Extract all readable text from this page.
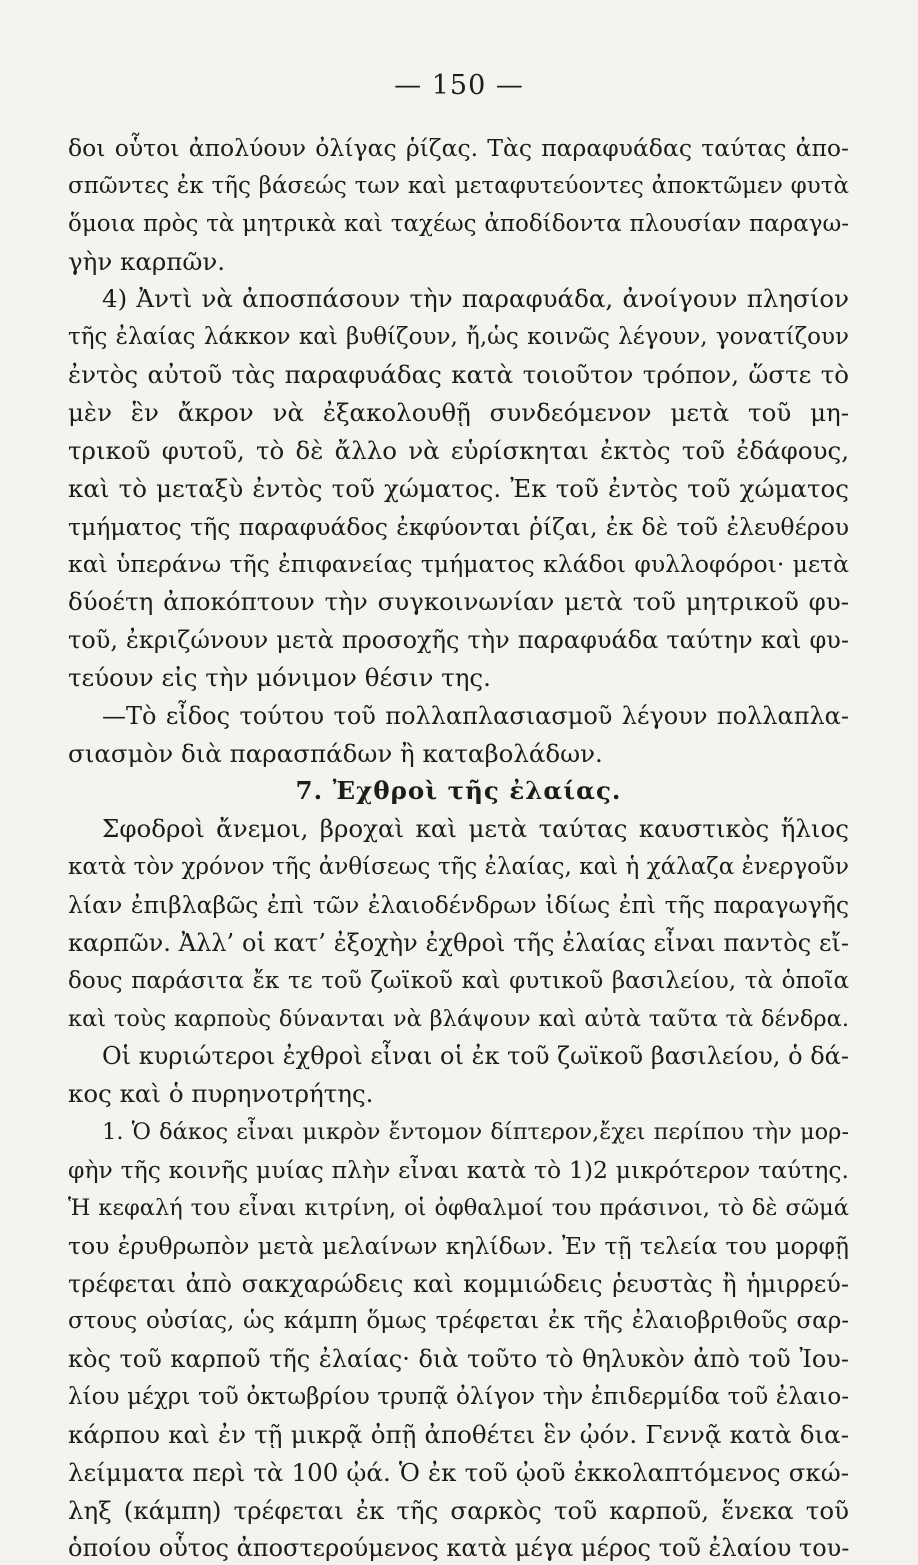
— 150 —
δοι οὗτοι ἀπολύουν ὀλίγας ῥίζας. Τὰς παραφυάδας ταύτας ἀπο-
σπῶντες ἐκ τῆς βάσεώς των καὶ μεταφυτεύοντες ἀποκτῶμεν φυτὰ
ὅμοια πρὸς τὰ μητρικὰ καὶ ταχέως ἀποδίδοντα πλουσίαν παραγω-
γὴν καρπῶν.
4) Ἀντὶ νὰ ἀποσπάσουν τὴν παραφυάδα, ἀνοίγουν πλησίον
τῆς ἐλαίας λάκκον καὶ βυθίζουν, ἤ,ὡς κοινῶς λέγουν, γονατίζουν
ἐντὸς αὐτοῦ τὰς παραφυάδας κατὰ τοιοῦτον τρόπον, ὥστε τὸ
μὲν ἓν ἄκρον νὰ ἐξακολουθῇ συνδεόμενον μετὰ τοῦ μη-
τρικοῦ φυτοῦ, τὸ δὲ ἄλλο νὰ εὑρίσκηται ἐκτὸς τοῦ ἐδάφους,
καὶ τὸ μεταξὺ ἐντὸς τοῦ χώματος. Ἐκ τοῦ ἐντὸς τοῦ χώματος
τμήματος τῆς παραφυάδος ἐκφύονται ῥίζαι, ἐκ δὲ τοῦ ἐλευθέρου
καὶ ὑπεράνω τῆς ἐπιφανείας τμήματος κλάδοι φυλλοφόροι· μετὰ
δύοέτη ἀποκόπτουν τὴν συγκοινωνίαν μετὰ τοῦ μητρικοῦ φυ-
τοῦ, ἐκριζώνουν μετὰ προσοχῆς τὴν παραφυάδα ταύτην καὶ φυ-
τεύουν εἰς τὴν μόνιμον θέσιν της.
—Τὸ εἶδος τούτου τοῦ πολλαπλασιασμοῦ λέγουν πολλαπλα-
σιασμὸν διὰ παρασπάδων ἢ καταβολάδων.
7. Ἐχθροὶ τῆς ἐλαίας.
Σφοδροὶ ἄνεμοι, βροχαὶ καὶ μετὰ ταύτας καυστικὸς ἥλιος
κατὰ τὸν χρόνον τῆς ἀνθίσεως τῆς ἐλαίας, καὶ ἡ χάλαζα ἐνεργοῦν
λίαν ἐπιβλαβῶς ἐπὶ τῶν ἐλαιοδένδρων ἰδίως ἐπὶ τῆς παραγωγῆς
καρπῶν. Ἀλλ’ οἱ κατ’ ἐξοχὴν ἐχθροὶ τῆς ἐλαίας εἶναι παντὸς εἴ-
δους παράσιτα ἔκ τε τοῦ ζωϊκοῦ καὶ φυτικοῦ βασιλείου, τὰ ὁποῖα
καὶ τοὺς καρποὺς δύνανται νὰ βλάψουν καὶ αὐτὰ ταῦτα τὰ δένδρα.
Οἱ κυριώτεροι ἐχθροὶ εἶναι οἱ ἐκ τοῦ ζωϊκοῦ βασιλείου, ὁ δά-
κος καὶ ὁ πυρηνοτρήτης.
1. Ὁ δάκος εἶναι μικρὸν ἔντομον δίπτερον,ἔχει περίπου τὴν μορ-
φὴν τῆς κοινῆς μυίας πλὴν εἶναι κατὰ τὸ 1)2 μικρότερον ταύτης.
Ἡ κεφαλή του εἶναι κιτρίνη, οἱ ὀφθαλμοί του πράσινοι, τὸ δὲ σῶμά
του ἐρυθρωπὸν μετὰ μελαίνων κηλίδων. Ἐν τῇ τελεία του μορφῇ
τρέφεται ἀπὸ σακχαρώδεις καὶ κομμιώδεις ῥευστὰς ἢ ἡμιρρεύ-
στους οὐσίας, ὡς κάμπη ὅμως τρέφεται ἐκ τῆς ἐλαιοβριθοῦς σαρ-
κὸς τοῦ καρποῦ τῆς ἐλαίας· διὰ τοῦτο τὸ θηλυκὸν ἀπὸ τοῦ Ἰου-
λίου μέχρι τοῦ ὀκτωβρίου τρυπᾷ ὀλίγον τὴν ἐπιδερμίδα τοῦ ἐλαιο-
κάρπου καὶ ἐν τῇ μικρᾷ ὀπῇ ἀποθέτει ἓν ᾠόν. Γεννᾷ κατὰ δια-
λείμματα περὶ τὰ 100 ᾠά. Ὁ ἐκ τοῦ ᾠοῦ ἐκκολαπτόμενος σκώ-
ληξ (κάμπη) τρέφεται ἐκ τῆς σαρκὸς τοῦ καρποῦ, ἕνεκα τοῦ
ὁποίου οὗτος ἀποστερούμενος κατὰ μέγα μέρος τοῦ ἐλαίου του-
